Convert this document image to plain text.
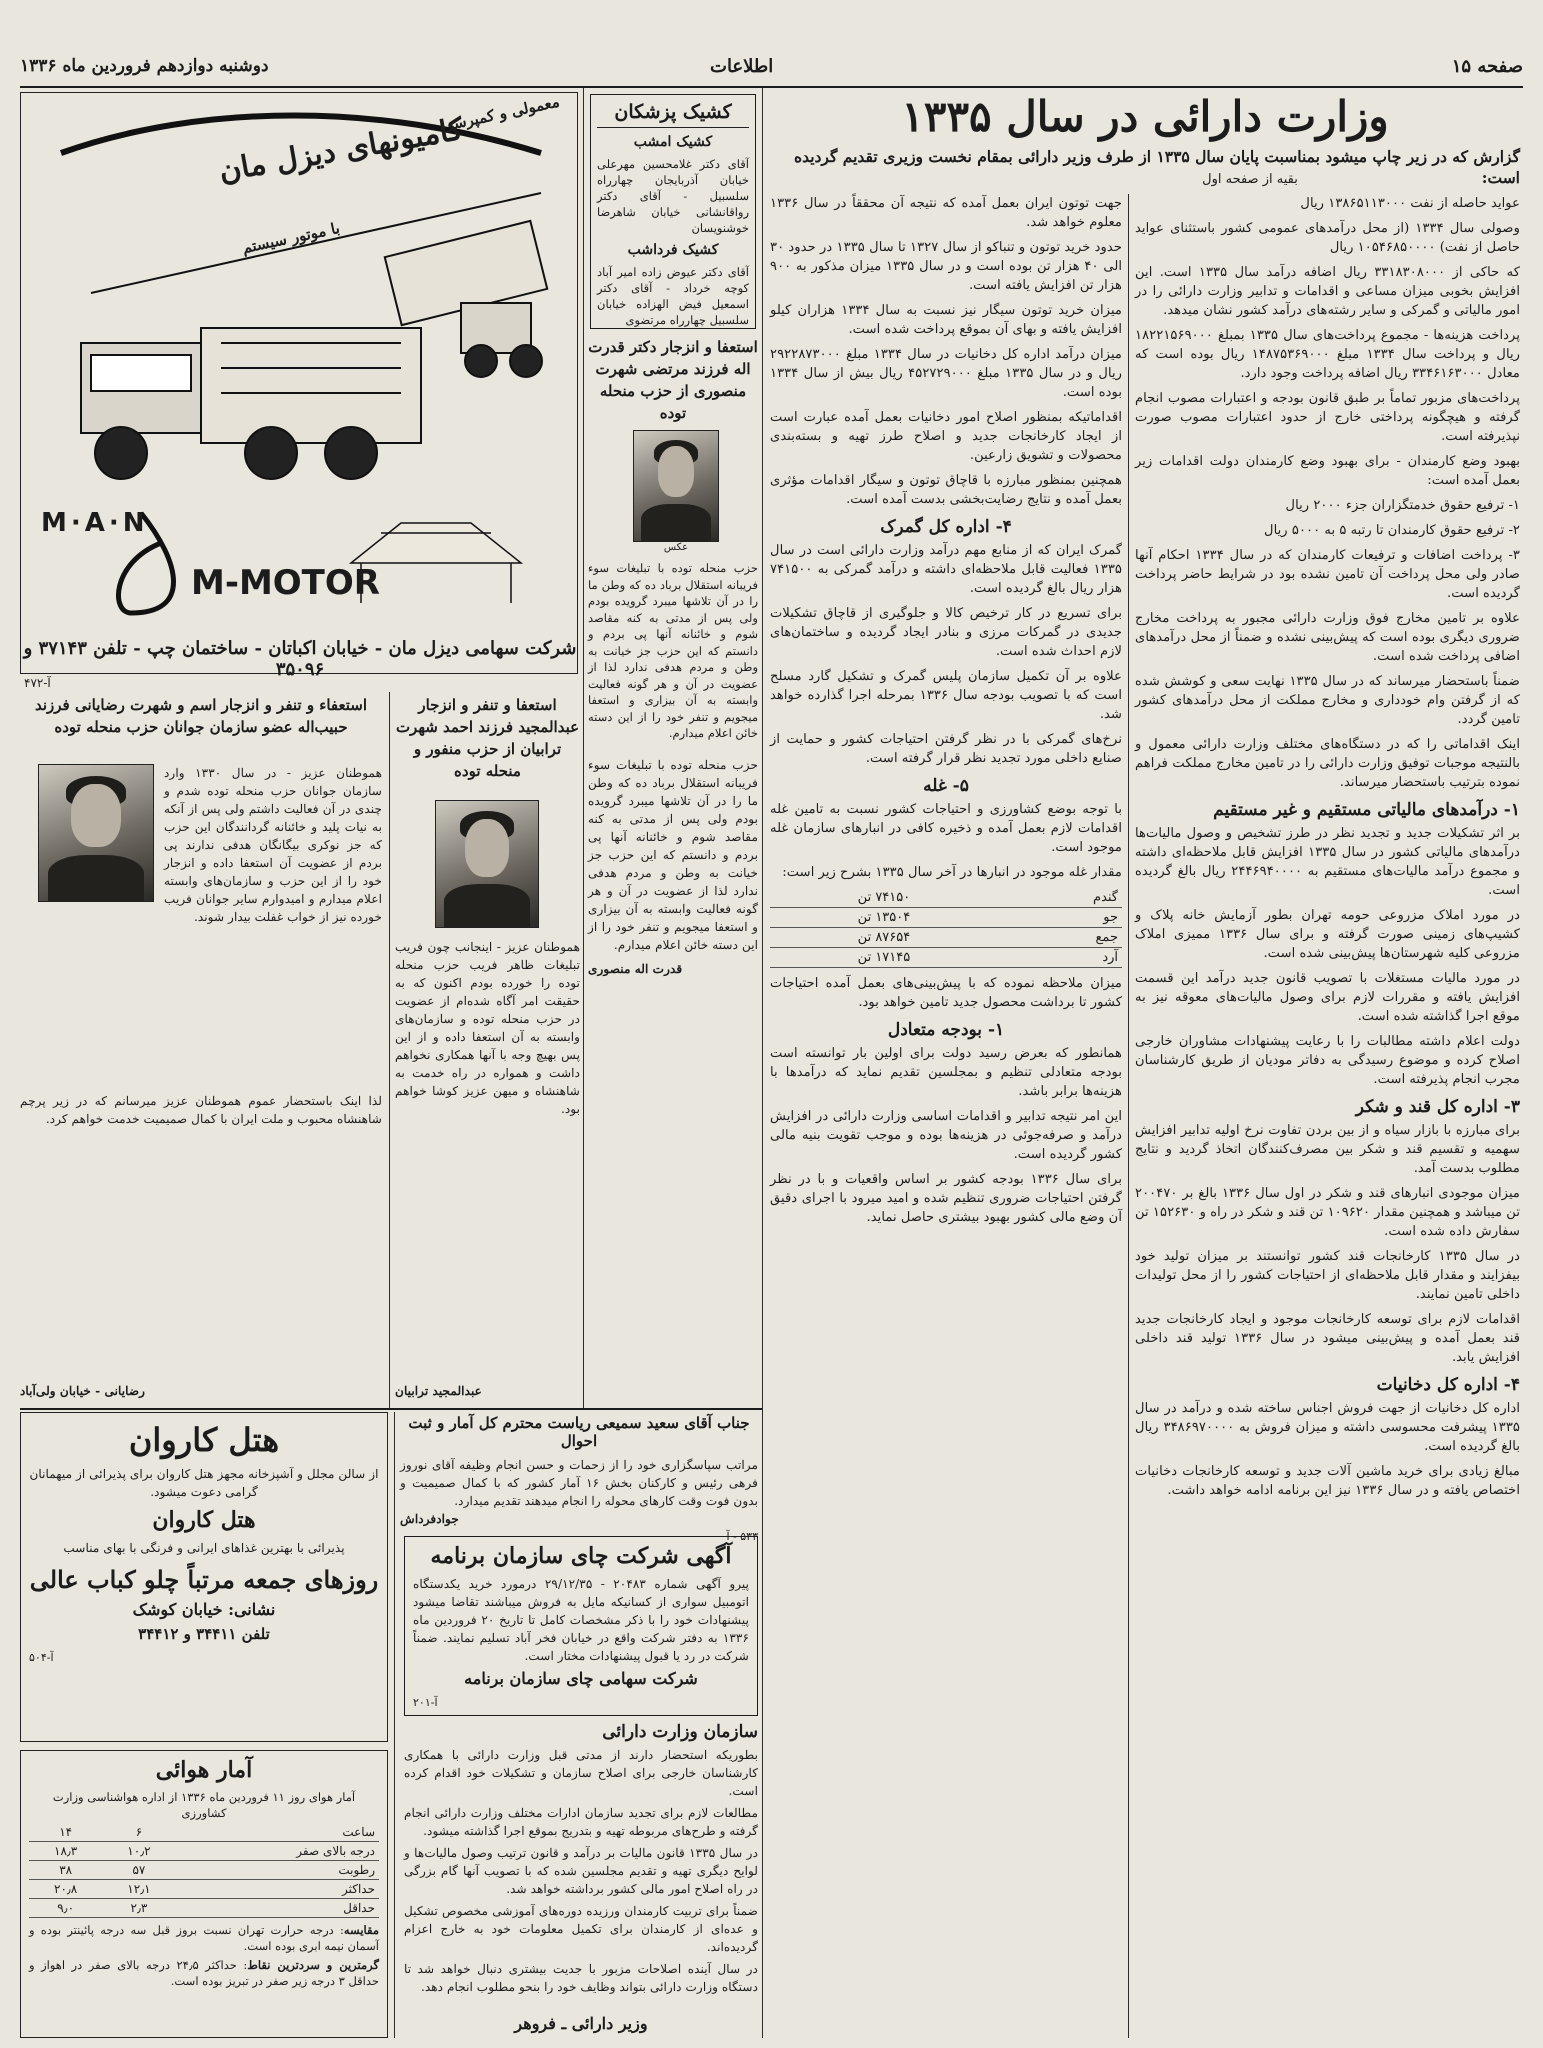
صفحه ۱۵
اطلاعات
دوشنبه دوازدهم فروردین ماه ۱۳۳۶
وزارت دارائی در سال ۱۳۳۵
گزارش که در زیر چاپ میشود بمناسبت پایان سال ۱۳۳۵ از طرف وزیر دارائی بمقام نخست وزیری تقدیم گردیده است:
بقیه از صفحه اول

عواید حاصله از نفت ۱۳۸۶۵۱۱۳۰۰۰ ریال

وصولی سال ۱۳۳۴ (از محل درآمدهای عمومی کشور باستثنای عواید حاصل از نفت) ۱۰۵۴۶۸۵۰۰۰۰ ریال

که حاکی از ۳۳۱۸۳۰۸۰۰۰ ریال اضافه درآمد سال ۱۳۳۵ است. این افزایش بخوبی میزان مساعی و اقدامات و تدابیر وزارت دارائی را در امور مالیاتی و گمرکی و سایر رشته‌های درآمد کشور نشان میدهد.

پرداخت هزینه‌ها - مجموع پرداخت‌های سال ۱۳۳۵ بمبلغ ۱۸۲۲۱۵۶۹۰۰۰ ریال و پرداخت سال ۱۳۳۴ مبلغ ۱۴۸۷۵۳۶۹۰۰۰ ریال بوده است که معادل ۳۳۴۶۱۶۳۰۰۰ ریال اضافه پرداخت وجود دارد.

پرداخت‌های مزبور تماماً بر طبق قانون بودجه و اعتبارات مصوب انجام گرفته و هیچگونه پرداختی خارج از حدود اعتبارات مصوب صورت نپذیرفته است.

بهبود وضع کارمندان - برای بهبود وضع کارمندان دولت اقدامات زیر بعمل آمده است:

۱- ترفیع حقوق خدمتگزاران جزء ۲۰۰۰ ریال

۲- ترفیع حقوق کارمندان تا رتبه ۵ به ۵۰۰۰ ریال

۳- پرداخت اضافات و ترفیعات کارمندان که در سال ۱۳۳۴ احکام آنها صادر ولی محل پرداخت آن تامین نشده بود در شرایط حاضر پرداخت گردیده است.

علاوه بر تامین مخارج فوق وزارت دارائی مجبور به پرداخت مخارج ضروری دیگری بوده است که پیش‌بینی نشده و ضمناً از محل درآمدهای اضافی پرداخت شده است.

ضمناً باستحضار میرساند که در سال ۱۳۳۵ نهایت سعی و کوشش شده که از گرفتن وام خودداری و مخارج مملکت از محل درآمدهای کشور تامین گردد.

اینک اقداماتی را که در دستگاه‌های مختلف وزارت دارائی معمول و بالنتیجه موجبات توفیق وزارت دارائی را در تامین مخارج مملکت فراهم نموده بترتیب باستحضار میرساند.

۱- درآمدهای مالیاتی مستقیم و غیر مستقیم

بر اثر تشکیلات جدید و تجدید نظر در طرز تشخیص و وصول مالیات‌ها درآمدهای مالیاتی کشور در سال ۱۳۳۵ افزایش قابل ملاحظه‌ای داشته و مجموع درآمد مالیات‌های مستقیم به ۲۴۴۶۹۴۰۰۰۰ ریال بالغ گردیده است.

در مورد املاک مزروعی حومه تهران بطور آزمایش خانه پلاک و کشیپ‌های زمینی صورت گرفته و برای سال ۱۳۳۶ ممیزی املاک مزروعی کلیه شهرستان‌ها پیش‌بینی شده است.

در مورد مالیات مستغلات با تصویب قانون جدید درآمد این قسمت افزایش یافته و مقررات لازم برای وصول مالیات‌های معوقه نیز به موقع اجرا گذاشته شده است.

دولت اعلام داشته مطالبات را با رعایت پیشنهادات مشاوران خارجی اصلاح کرده و موضوع رسیدگی به دفاتر مودیان از طریق کارشناسان مجرب انجام پذیرفته است.

۳- اداره کل قند و شکر

برای مبارزه با بازار سیاه و از بین بردن تفاوت نرخ اولیه تدابیر افزایش سهمیه و تقسیم قند و شکر بین مصرف‌کنندگان اتخاذ گردید و نتایج مطلوب بدست آمد.

میزان موجودی انبارهای قند و شکر در اول سال ۱۳۳۶ بالغ بر ۲۰۰۴۷۰ تن میباشد و همچنین مقدار ۱۰۹۶۲۰ تن قند و شکر در راه و ۱۵۲۶۳۰ تن سفارش داده شده است.

در سال ۱۳۳۵ کارخانجات قند کشور توانستند بر میزان تولید خود بیفزایند و مقدار قابل ملاحظه‌ای از احتیاجات کشور را از محل تولیدات داخلی تامین نمایند.

اقدامات لازم برای توسعه کارخانجات موجود و ایجاد کارخانجات جدید قند بعمل آمده و پیش‌بینی میشود در سال ۱۳۳۶ تولید قند داخلی افزایش یابد.

۴- اداره کل دخانیات

اداره کل دخانیات از جهت فروش اجناس ساخته شده و درآمد در سال ۱۳۳۵ پیشرفت محسوسی داشته و میزان فروش به ۳۴۸۶۹۷۰۰۰۰ ریال بالغ گردیده است.

مبالغ زیادی برای خرید ماشین آلات جدید و توسعه کارخانجات دخانیات اختصاص یافته و در سال ۱۳۳۶ نیز این برنامه ادامه خواهد داشت.

جهت توتون ایران بعمل آمده که نتیجه آن محققاً در سال ۱۳۳۶ معلوم خواهد شد.

حدود خرید توتون و تنباکو از سال ۱۳۲۷ تا سال ۱۳۳۵ در حدود ۳۰ الی ۴۰ هزار تن بوده است و در سال ۱۳۳۵ میزان مذکور به ۹۰۰ هزار تن افزایش یافته است.

میزان خرید توتون سیگار نیز نسبت به سال ۱۳۳۴ هزاران کیلو افزایش یافته و بهای آن بموقع پرداخت شده است.

میزان درآمد اداره کل دخانیات در سال ۱۳۳۴ مبلغ ۲۹۲۲۸۷۳۰۰۰ ریال و در سال ۱۳۳۵ مبلغ ۴۵۲۷۲۹۰۰۰ ریال بیش از سال ۱۳۳۴ بوده است.

اقداماتیکه بمنظور اصلاح امور دخانیات بعمل آمده عبارت است از ایجاد کارخانجات جدید و اصلاح طرز تهیه و بسته‌بندی محصولات و تشویق زارعین.

همچنین بمنظور مبارزه با قاچاق توتون و سیگار اقدامات مؤثری بعمل آمده و نتایج رضایت‌بخشی بدست آمده است.

۴- اداره کل گمرک

گمرک ایران که از منابع مهم درآمد وزارت دارائی است در سال ۱۳۳۵ فعالیت قابل ملاحظه‌ای داشته و درآمد گمرکی به ۷۴۱۵۰۰ هزار ریال بالغ گردیده است.

برای تسریع در کار ترخیص کالا و جلوگیری از قاچاق تشکیلات جدیدی در گمرکات مرزی و بنادر ایجاد گردیده و ساختمان‌های لازم احداث شده است.

علاوه بر آن تکمیل سازمان پلیس گمرک و تشکیل گارد مسلح است که با تصویب بودجه سال ۱۳۳۶ بمرحله اجرا گذارده خواهد شد.

نرخ‌های گمرکی با در نظر گرفتن احتیاجات کشور و حمایت از صنایع داخلی مورد تجدید نظر قرار گرفته است.

۵- غله

با توجه بوضع کشاورزی و احتیاجات کشور نسبت به تامین غله اقدامات لازم بعمل آمده و ذخیره کافی در انبارهای سازمان غله موجود است.

مقدار غله موجود در انبارها در آخر سال ۱۳۳۵ بشرح زیر است:

گندم	۷۴۱۵۰ تن
جو	۱۳۵۰۴ تن
جمع	۸۷۶۵۴ تن
آرد	۱۷۱۴۵ تن

میزان ملاحظه نموده که با پیش‌بینی‌های بعمل آمده احتیاجات کشور تا برداشت محصول جدید تامین خواهد بود.

۱- بودجه متعادل

همانطور که بعرض رسید دولت برای اولین بار توانسته است بودجه متعادلی تنظیم و بمجلسین تقدیم نماید که درآمدها با هزینه‌ها برابر باشد.

این امر نتیجه تدابیر و اقدامات اساسی وزارت دارائی در افزایش درآمد و صرفه‌جوئی در هزینه‌ها بوده و موجب تقویت بنیه مالی کشور گردیده است.

برای سال ۱۳۳۶ بودجه کشور بر اساس واقعیات و با در نظر گرفتن احتیاجات ضروری تنظیم شده و امید میرود با اجرای دقیق آن وضع مالی کشور بهبود بیشتری حاصل نماید.

کشیک پزشکان
کشیک امشب
آقای دکتر غلامحسین مهرعلی خیابان آذربایجان چهارراه سلسبیل - آقای دکتر رواقانشانی خیابان شاهرضا خوشنویسان
کشیک فرداشب
آقای دکتر عیوض زاده امیر آباد کوچه خرداد - آقای دکتر اسمعیل فیض الهزاده خیابان سلسبیل چهارراه مرتضوی
استعفا و انزجار دکتر قدرت اله فرزند مرتضی شهرت منصوری از حزب منحله توده
عکس
حزب منحله توده با تبلیغات سوء فریبانه استقلال برباد ده که وطن ما را در آن تلاشها میبرد گرویده بودم ولی پس از مدتی به کنه مقاصد شوم و خائنانه آنها پی بردم و دانستم که این حزب جز خیانت به وطن و مردم هدفی ندارد لذا از عضویت در آن و هر گونه فعالیت وابسته به آن بیزاری و استعفا میجویم و تنفر خود را از این دسته خائن اعلام میدارم.

حزب منحله توده با تبلیغات سوء فریبانه استقلال برباد ده که وطن ما را در آن تلاشها میبرد گرویده بودم ولی پس از مدتی به کنه مقاصد شوم و خائنانه آنها پی بردم و دانستم که این حزب جز خیانت به وطن و مردم هدفی ندارد لذا از عضویت در آن و هر گونه فعالیت وابسته به آن بیزاری و استعفا میجویم و تنفر خود را از این دسته خائن اعلام میدارم.

قدرت اله منصوری

کامیونهای دیزل مان
معمولی و کمپرسی
با موتور سیستم
M·A·N
M-MOTOR
شرکت سهامی دیزل مان - خیابان اکباتان - ساختمان چپ - تلفن ۳۷۱۴۳ و ۳۵۰۹۶
آ-۴۷۲
استعفا و تنفر و انزجار عبدالمجید فرزند احمد شهرت ترابیان از حزب منفور و منحله توده
هموطنان عزیز - اینجانب چون فریب تبلیغات ظاهر فریب حزب منحله توده را خورده بودم اکنون که به حقیقت امر آگاه شده‌ام از عضویت در حزب منحله توده و سازمان‌های وابسته به آن استعفا داده و از این پس بهیچ وجه با آنها همکاری نخواهم داشت و همواره در راه خدمت به شاهنشاه و میهن عزیز کوشا خواهم بود.
عبدالمجید ترابیان
استعفاء و تنفر و انزجار اسم و شهرت رضایانی فرزند حبیب‌اله عضو سازمان جوانان حزب منحله توده
هموطنان عزیز - در سال ۱۳۳۰ وارد سازمان جوانان حزب منحله توده شدم و چندی در آن فعالیت داشتم ولی پس از آنکه به نیات پلید و خائنانه گردانندگان این حزب که جز نوکری بیگانگان هدفی ندارند پی بردم از عضویت آن استعفا داده و انزجار خود را از این حزب و سازمان‌های وابسته اعلام میدارم و امیدوارم سایر جوانان فریب خورده نیز از خواب غفلت بیدار شوند.
لذا اینک باستحضار عموم هموطنان عزیز میرسانم که در زیر پرچم شاهنشاه محبوب و ملت ایران با کمال صمیمیت خدمت خواهم کرد.
رضایانی - خیابان ولی‌آباد
جناب آقای سعید سمیعی ریاست محترم کل آمار و ثبت احوال
مراتب سپاسگزاری خود را از زحمات و حسن انجام وظیفه آقای نوروز فرهی رئیس و کارکنان بخش ۱۶ آمار کشور که با کمال صمیمیت و بدون فوت وقت کارهای محوله را انجام میدهند تقدیم میدارد.
جوادفرداش
۵۳۳ - آ
آگهی شرکت چای سازمان برنامه
پیرو آگهی شماره ۲۰۴۸۳ - ۲۹/۱۲/۳۵ درمورد خرید یکدستگاه اتومبیل سواری از کسانیکه مایل به فروش میباشند تقاضا میشود پیشنهادات خود را با ذکر مشخصات کامل تا تاریخ ۲۰ فروردین ماه ۱۳۳۶ به دفتر شرکت واقع در خیابان فخر آباد تسلیم نمایند. ضمناً شرکت در رد یا قبول پیشنهادات مختار است.
شرکت سهامی چای سازمان برنامه
آ-۲۰۱
سازمان وزارت دارائی

بطوریکه استحضار دارند از مدتی قبل وزارت دارائی با همکاری کارشناسان خارجی برای اصلاح سازمان و تشکیلات خود اقدام کرده است.

مطالعات لازم برای تجدید سازمان ادارات مختلف وزارت دارائی انجام گرفته و طرح‌های مربوطه تهیه و بتدریج بموقع اجرا گذاشته میشود.

در سال ۱۳۳۵ قانون مالیات بر درآمد و قانون ترتیب وصول مالیات‌ها و لوایح دیگری تهیه و تقدیم مجلسین شده که با تصویب آنها گام بزرگی در راه اصلاح امور مالی کشور برداشته خواهد شد.

ضمناً برای تربیت کارمندان ورزیده دوره‌های آموزشی مخصوص تشکیل و عده‌ای از کارمندان برای تکمیل معلومات خود به خارج اعزام گردیده‌اند.

در سال آینده اصلاحات مزبور با جدیت بیشتری دنبال خواهد شد تا دستگاه وزارت دارائی بتواند وظایف خود را بنحو مطلوب انجام دهد.

وزیر دارائی ـ فروهر
هتل کاروان
از سالن مجلل و آشپزخانه مجهز هتل کاروان برای پذیرائی از میهمانان گرامی دعوت میشود.
هتل کاروان
پذیرائی با بهترین غذاهای ایرانی و فرنگی با بهای مناسب
روزهای جمعه مرتباً چلو کباب عالی
نشانی: خیابان کوشک
تلفن ۳۴۴۱۱ و ۳۴۴۱۲
آ-۵۰۴
آمار هوائی
آمار هوای روز ۱۱ فروردین ماه ۱۳۳۶ از اداره هواشناسی وزارت کشاورزی
ساعت	۶	۱۴
درجه بالای صفر	۱۰٫۲	۱۸٫۳
رطوبت	۵۷	۳۸
حداکثر	۱۲٫۱	۲۰٫۸
حداقل	۲٫۳	۹٫۰
مقایسه: درجه حرارت تهران نسبت بروز قبل سه درجه پائینتر بوده و آسمان نیمه ابری بوده است.
گرمترین و سردترین نقاط: حداکثر ۲۴٫۵ درجه بالای صفر در اهواز و حداقل ۳ درجه زیر صفر در تبریز بوده است.
